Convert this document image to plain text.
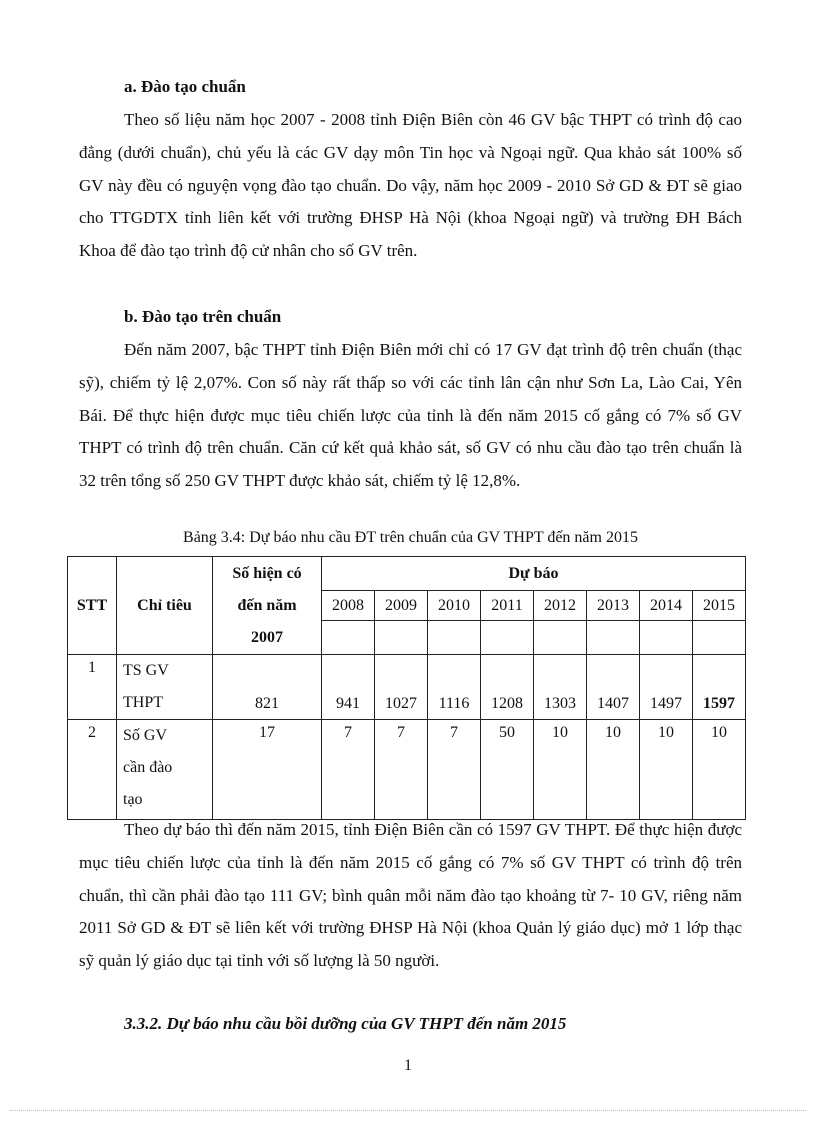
a. Đào tạo chuẩn
Theo số liệu năm học 2007 - 2008 tỉnh Điện Biên còn 46 GV bậc THPT có trình độ cao đẳng (dưới chuẩn), chủ yếu là các GV dạy môn Tin học và Ngoại ngữ. Qua khảo sát 100% số GV này đều có nguyện vọng đào tạo chuẩn. Do vậy, năm học 2009 - 2010 Sở GD & ĐT sẽ giao cho TTGDTX tỉnh liên kết với trường ĐHSP Hà Nội (khoa Ngoại ngữ) và trường ĐH Bách Khoa để đào tạo trình độ cử nhân cho số GV trên.
b. Đào tạo trên chuẩn
Đến năm 2007, bậc THPT tỉnh Điện Biên mới chỉ có 17 GV đạt trình độ trên chuẩn (thạc sỹ), chiếm tỷ lệ 2,07%. Con số này rất thấp so với các tỉnh lân cận như Sơn La, Lào Cai, Yên Bái. Để thực hiện được mục tiêu chiến lược của tỉnh là đến năm 2015 cố gắng có 7% số GV THPT có trình độ trên chuẩn. Căn cứ kết quả khảo sát, số GV có nhu cầu đào tạo trên chuẩn là 32 trên tổng số 250 GV THPT được khảo sát, chiếm tỷ lệ 12,8%.
Bảng 3.4: Dự báo nhu cầu ĐT trên chuẩn của GV THPT đến năm 2015
STT	Chỉ tiêu	Số hiện có
đến năm
2007	Dự báo							
			2008	2009	2010	2011	2012	2013	2014	2015

1	TS GV
THPT	821	941	1027	1116	1208	1303	1407	1497	1597
2	Số GV
cần đào
tạo	17	7	7	7	50	10	10	10	10
Theo dự báo thì đến năm 2015, tỉnh Điện Biên cần có 1597 GV THPT. Để thực hiện được mục tiêu chiến lược của tỉnh là đến năm 2015 cố gắng có 7% số GV THPT có trình độ trên chuẩn, thì cần phải đào tạo 111 GV; bình quân mỗi năm đào tạo khoảng từ 7- 10 GV, riêng năm 2011 Sở GD & ĐT sẽ liên kết với trường ĐHSP Hà Nội (khoa Quản lý giáo dục) mở 1 lớp thạc sỹ quản lý giáo dục tại tỉnh với số lượng là 50 người.
3.3.2. Dự báo nhu cầu bồi dưỡng của GV THPT đến năm 2015
1
